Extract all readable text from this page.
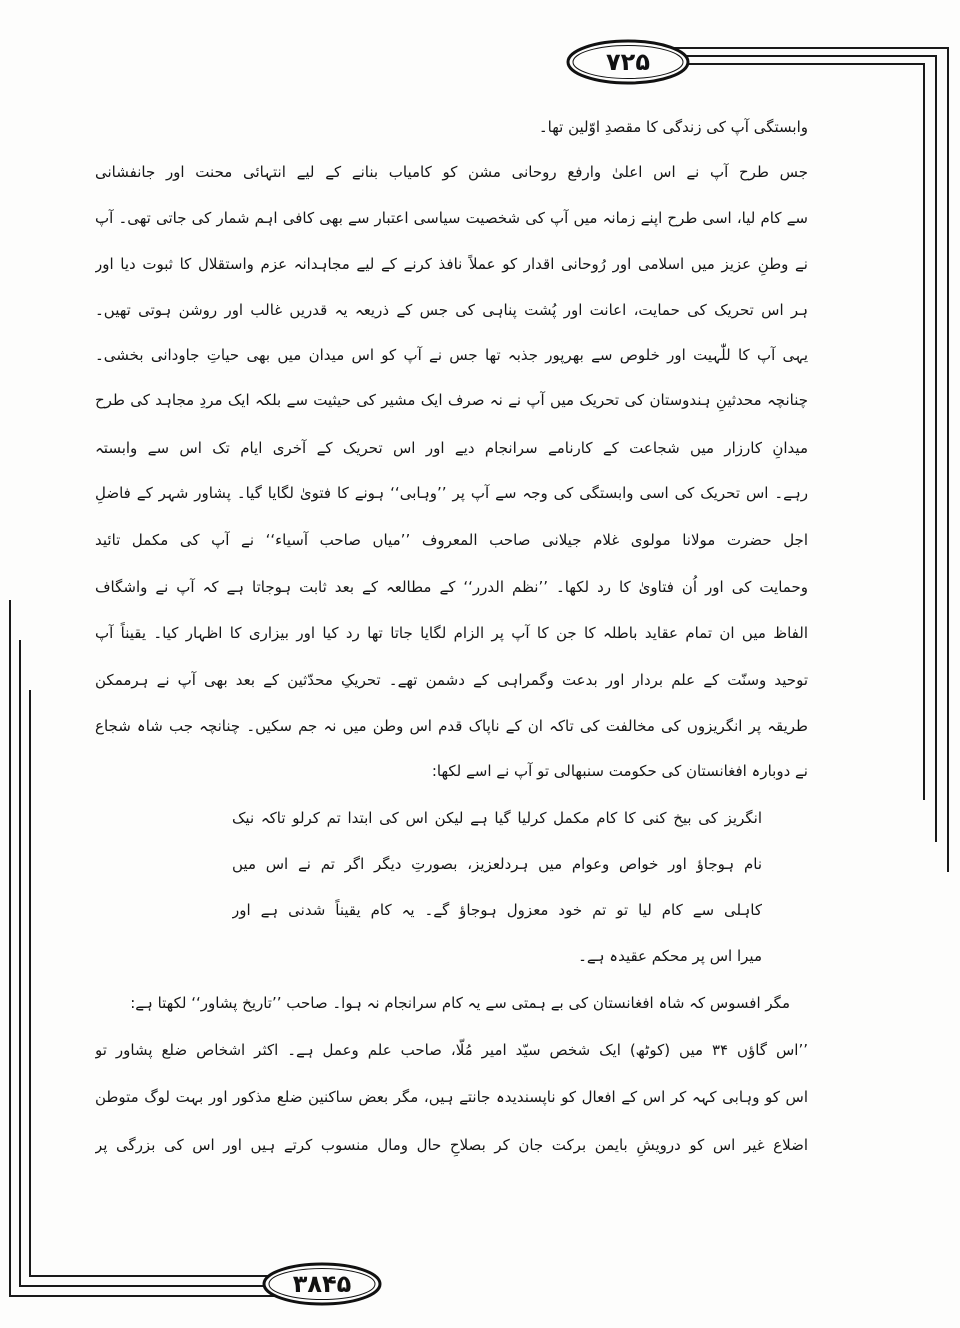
۷۲۵
۳۸۴۵
وابستگی آپ کی زندگی کا مقصدِ اوّلین تھا۔
جس طرح آپ نے اس اعلیٰ وارفع روحانی مشن کو کامیاب بنانے کے لیے انتہائی محنت اور جانفشانی
سے کام لیا، اسی طرح اپنے زمانہ میں آپ کی شخصیت سیاسی اعتبار سے بھی کافی اہم شمار کی جاتی تھی۔ آپ
نے وطنِ عزیز میں اسلامی اور رُوحانی اقدار کو عملاً نافذ کرنے کے لیے مجاہدانہ عزم واستقلال کا ثبوت دیا اور
ہر اس تحریک کی حمایت، اعانت اور پُشت پناہی کی جس کے ذریعہ یہ قدریں غالب اور روشن ہوتی تھیں۔
یہی آپ کا للّٰہیت اور خلوص سے بھرپور جذبہ تھا جس نے آپ کو اس میدان میں بھی حیاتِ جاودانی بخشی۔
چنانچہ محدثینِ ہندوستان کی تحریک میں آپ نے نہ صرف ایک مشیر کی حیثیت سے بلکہ ایک مردِ مجاہد کی طرح
میدانِ کارزار میں شجاعت کے کارنامے سرانجام دیے اور اس تحریک کے آخری ایام تک اس سے وابستہ
رہے۔ اس تحریک کی اسی وابستگی کی وجہ سے آپ پر ’’وہابی‘‘ ہونے کا فتویٰ لگایا گیا۔ پشاور شہر کے فاضلِ
اجل حضرت مولانا مولوی غلام جیلانی صاحب المعروف ’’میاں صاحب آسیاء‘‘ نے آپ کی مکمل تائید
وحمایت کی اور اُن فتاویٰ کا رد لکھا۔ ’’نظم الدرر‘‘ کے مطالعہ کے بعد ثابت ہوجاتا ہے کہ آپ نے واشگاف
الفاظ میں ان تمام عقاید باطلہ کا جن کا آپ پر الزام لگایا جاتا تھا رد کیا اور بیزاری کا اظہار کیا۔ یقیناً آپ
توحید وسنّت کے علم بردار اور بدعت وگمراہی کے دشمن تھے۔ تحریکِ محدّثین کے بعد بھی آپ نے ہرممکن
طریقہ پر انگریزوں کی مخالفت کی تاکہ ان کے ناپاک قدم اس وطن میں نہ جم سکیں۔ چنانچہ جب شاہ شجاع
نے دوبارہ افغانستان کی حکومت سنبھالی تو آپ نے اسے لکھا:
انگریز کی بیخ کنی کا کام مکمل کرلیا گیا ہے لیکن اس کی ابتدا تم کرلو تاکہ نیک
نام ہوجاؤ اور خواص وعوام میں ہردلعزیز، بصورتِ دیگر اگر تم نے اس میں
کاہلی سے کام لیا تو تم خود معزول ہوجاؤ گے۔ یہ کام یقیناً شدنی ہے اور
میرا اس پر محکم عقیدہ ہے۔
مگر افسوس کہ شاہ افغانستان کی بے ہمتی سے یہ کام سرانجام نہ ہوا۔ صاحب ’’تاریخ پشاور‘‘ لکھتا ہے:
’’اس گاؤں ۳۴ میں (کوٹھ) ایک شخص سیّد امیر مُلّا، صاحب علم وعمل ہے۔ اکثر اشخاص ضلع پشاور تو
اس کو وہابی کہہ کر اس کے افعال کو ناپسندیدہ جانتے ہیں، مگر بعض ساکنین ضلع مذکور اور بہت لوگ متوطن
اضلاع غیر اس کو درویشِ بایمن برکت جان کر بصلاحِ حال ومال منسوب کرتے ہیں اور اس کی بزرگی پر
